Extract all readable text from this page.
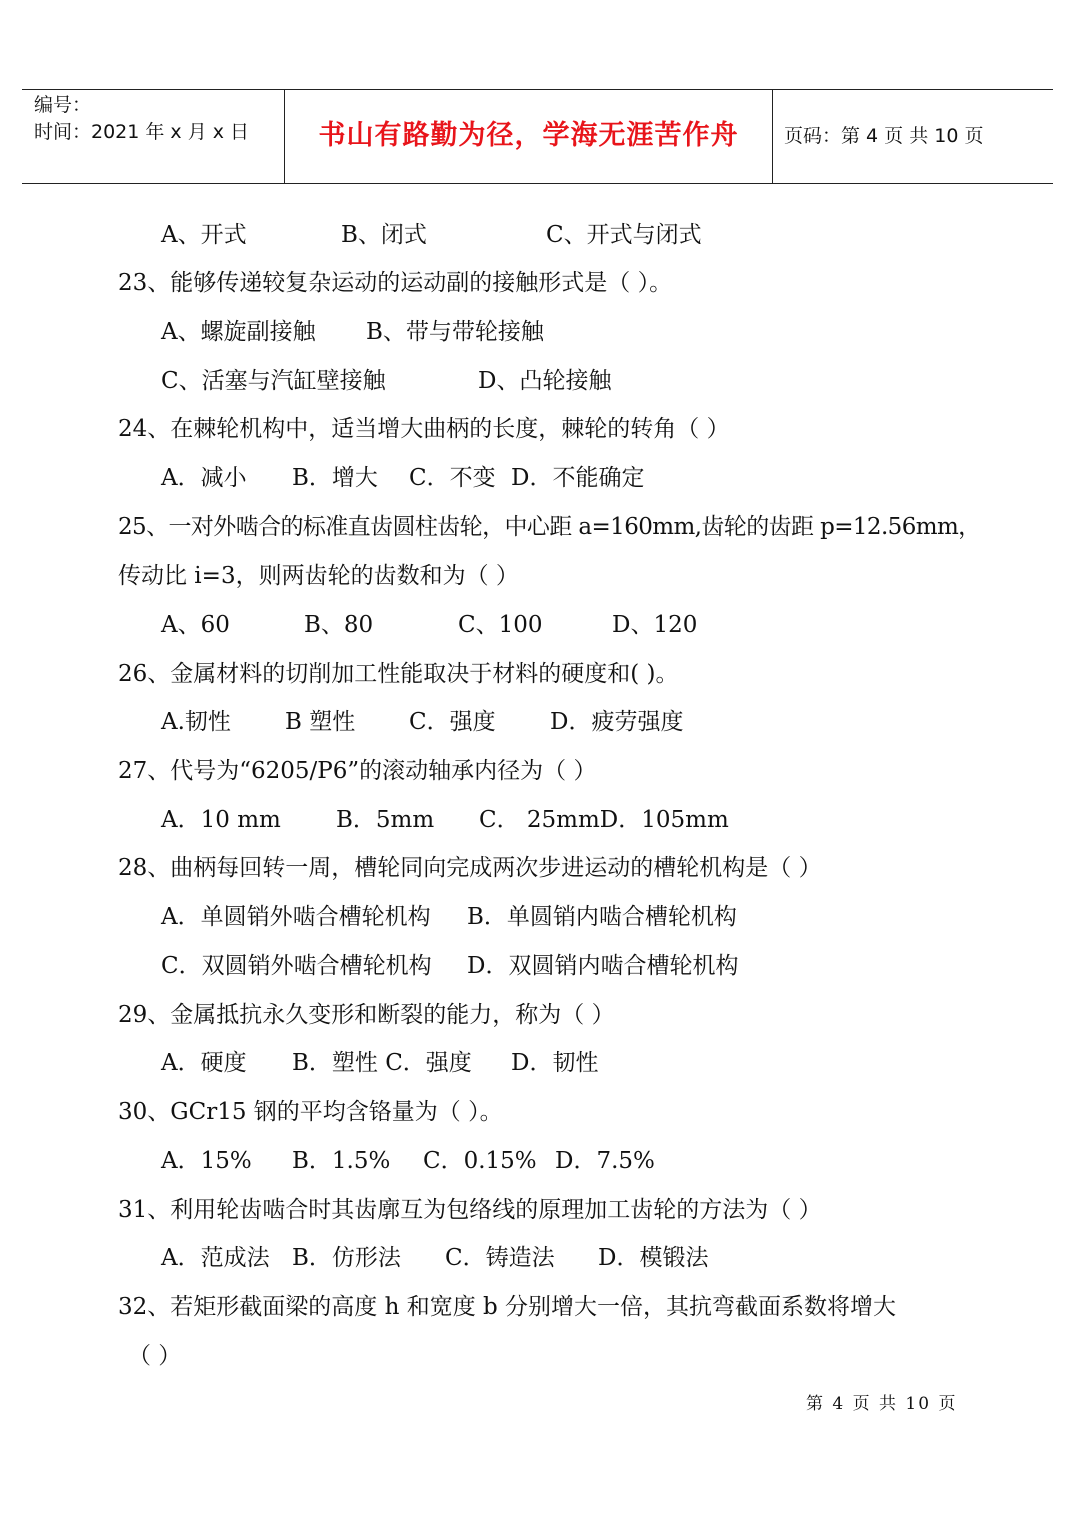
编号：
时间：2021 年 x 月 x 日	书山有路勤为径，学海无涯苦作舟	页码：第 4 页 共 10 页
A、开式	B、闭式	C、开式与闭式
23、能够传递较复杂运动的运动副的接触形式是（ ）。
A、螺旋副接触 B、带与带轮接触
C、活塞与汽缸壁接触	D、凸轮接触
24、在棘轮机构中，适当增大曲柄的长度，棘轮的转角（ ）
A．减小 B．增大 C．不变 D．不能确定
25、一对外啮合的标准直齿圆柱齿轮，中心距 a=160mm,齿轮的齿距 p=12.56mm，
传动比 i=3，则两齿轮的齿数和为（ ）
A、60	B、80	C、100	D、120
26、金属材料的切削加工性能取决于材料的硬度和( )。
A.韧性 B 塑性 C．强度 D．疲劳强度
27、代号为“6205/P6”的滚动轴承内径为（ ）
A．10 mm B．5mm C． 25mmD．105mm
28、曲柄每回转一周，槽轮同向完成两次步进运动的槽轮机构是（ ）
A．单圆销外啮合槽轮机构 B．单圆销内啮合槽轮机构
C．双圆销外啮合槽轮机构 D．双圆销内啮合槽轮机构
29、金属抵抗永久变形和断裂的能力，称为（ ）
A．硬度 B．塑性 C．强度 D．韧性
30、GCr15 钢的平均含铬量为（ ）。
A．15% B．1.5% C．0.15% D．7.5%
31、利用轮齿啮合时其齿廓互为包络线的原理加工齿轮的方法为（ ）
A．范成法 B．仿形法 C．铸造法 D．模锻法
32、若矩形截面梁的高度 h 和宽度 b 分别增大一倍，其抗弯截面系数将增大
（ ）
第 4 页 共 10 页
